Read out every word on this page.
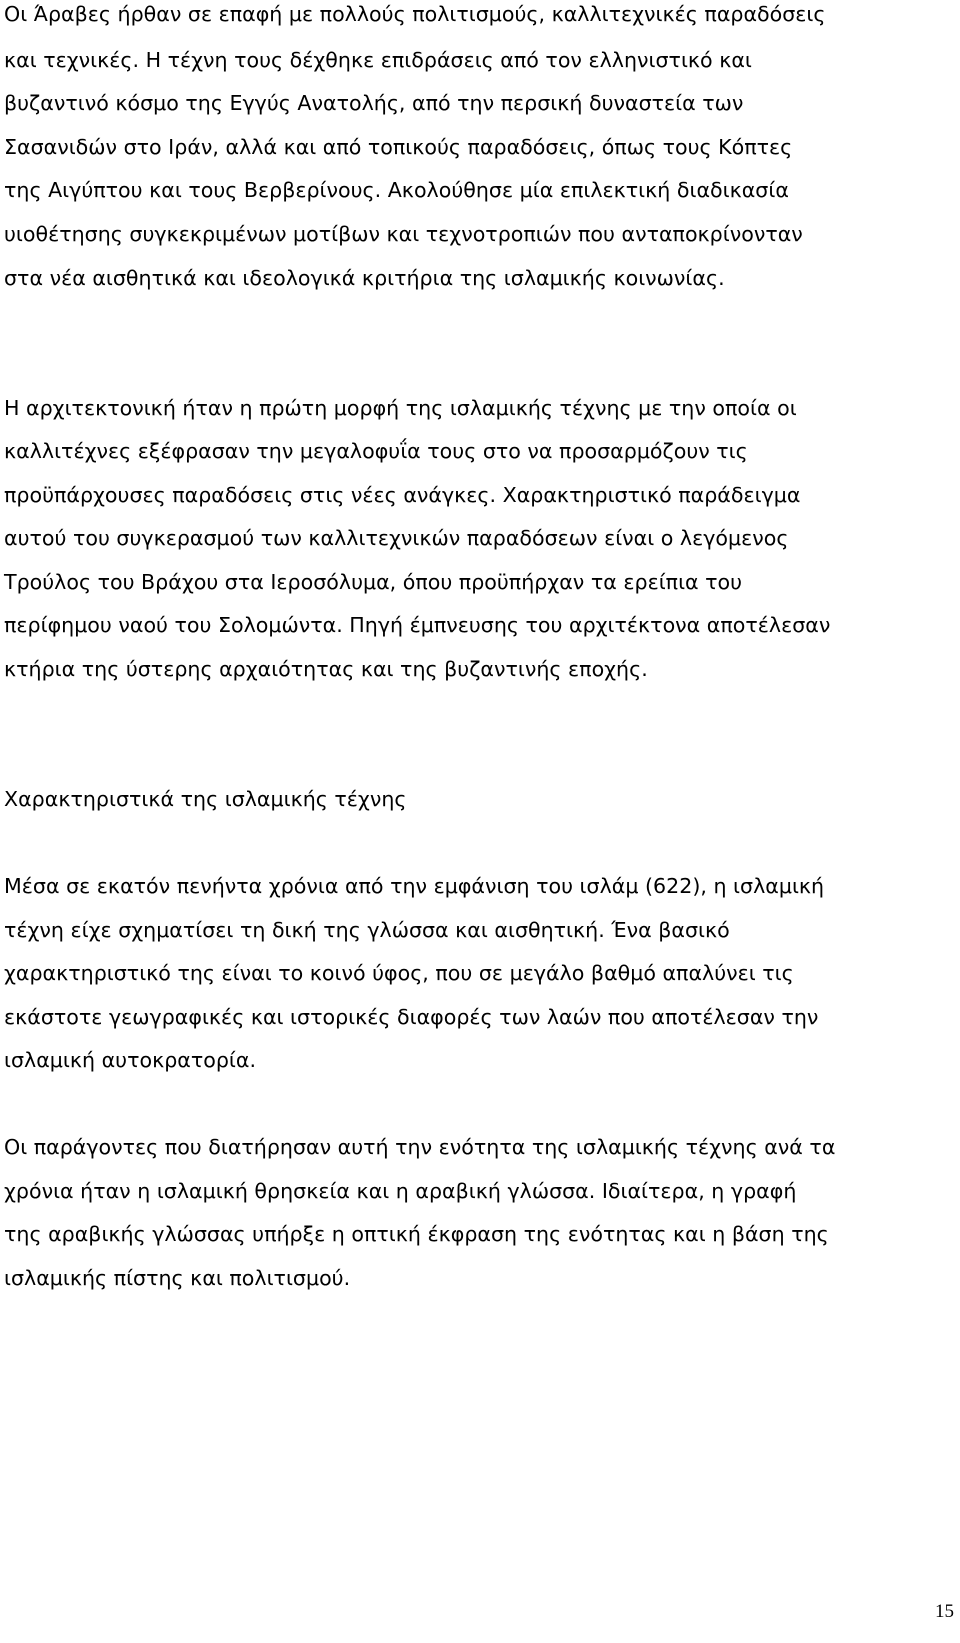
Οι Άραβες ήρθαν σε επαφή με πολλούς πολιτισμούς, καλλιτεχνικές παραδόσεις
και τεχνικές. Η τέχνη τους δέχθηκε επιδράσεις από τον ελληνιστικό και
βυζαντινό κόσμο της Εγγύς Ανατολής, από την περσική δυναστεία των
Σασανιδών στο Ιράν, αλλά και από τοπικούς παραδόσεις, όπως τους Κόπτες
της Αιγύπτου και τους Βερβερίνους. Ακολούθησε μία επιλεκτική διαδικασία
υιοθέτησης συγκεκριμένων μοτίβων και τεχνοτροπιών που ανταποκρίνονταν
στα νέα αισθητικά και ιδεολογικά κριτήρια της ισλαμικής κοινωνίας.
Η αρχιτεκτονική ήταν η πρώτη μορφή της ισλαμικής τέχνης με την οποία οι
καλλιτέχνες εξέφρασαν την μεγαλοφυΐα τους στο να προσαρμόζουν τις
προϋπάρχουσες παραδόσεις στις νέες ανάγκες. Χαρακτηριστικό παράδειγμα
αυτού του συγκερασμού των καλλιτεχνικών παραδόσεων είναι ο λεγόμενος
Τρούλος του Βράχου στα Ιεροσόλυμα, όπου προϋπήρχαν τα ερείπια του
περίφημου ναού του Σολομώντα. Πηγή έμπνευσης του αρχιτέκτονα αποτέλεσαν
κτήρια της ύστερης αρχαιότητας και της βυζαντινής εποχής.
Χαρακτηριστικά της ισλαμικής τέχνης
Μέσα σε εκατόν πενήντα χρόνια από την εμφάνιση του ισλάμ (622), η ισλαμική
τέχνη είχε σχηματίσει τη δική της γλώσσα και αισθητική. Ένα βασικό
χαρακτηριστικό της είναι το κοινό ύφος, που σε μεγάλο βαθμό απαλύνει τις
εκάστοτε γεωγραφικές και ιστορικές διαφορές των λαών που αποτέλεσαν την
ισλαμική αυτοκρατορία.
Οι παράγοντες που διατήρησαν αυτή την ενότητα της ισλαμικής τέχνης ανά τα
χρόνια ήταν η ισλαμική θρησκεία και η αραβική γλώσσα. Ιδιαίτερα, η γραφή
της αραβικής γλώσσας υπήρξε η οπτική έκφραση της ενότητας και η βάση της
ισλαμικής πίστης και πολιτισμού.
15
